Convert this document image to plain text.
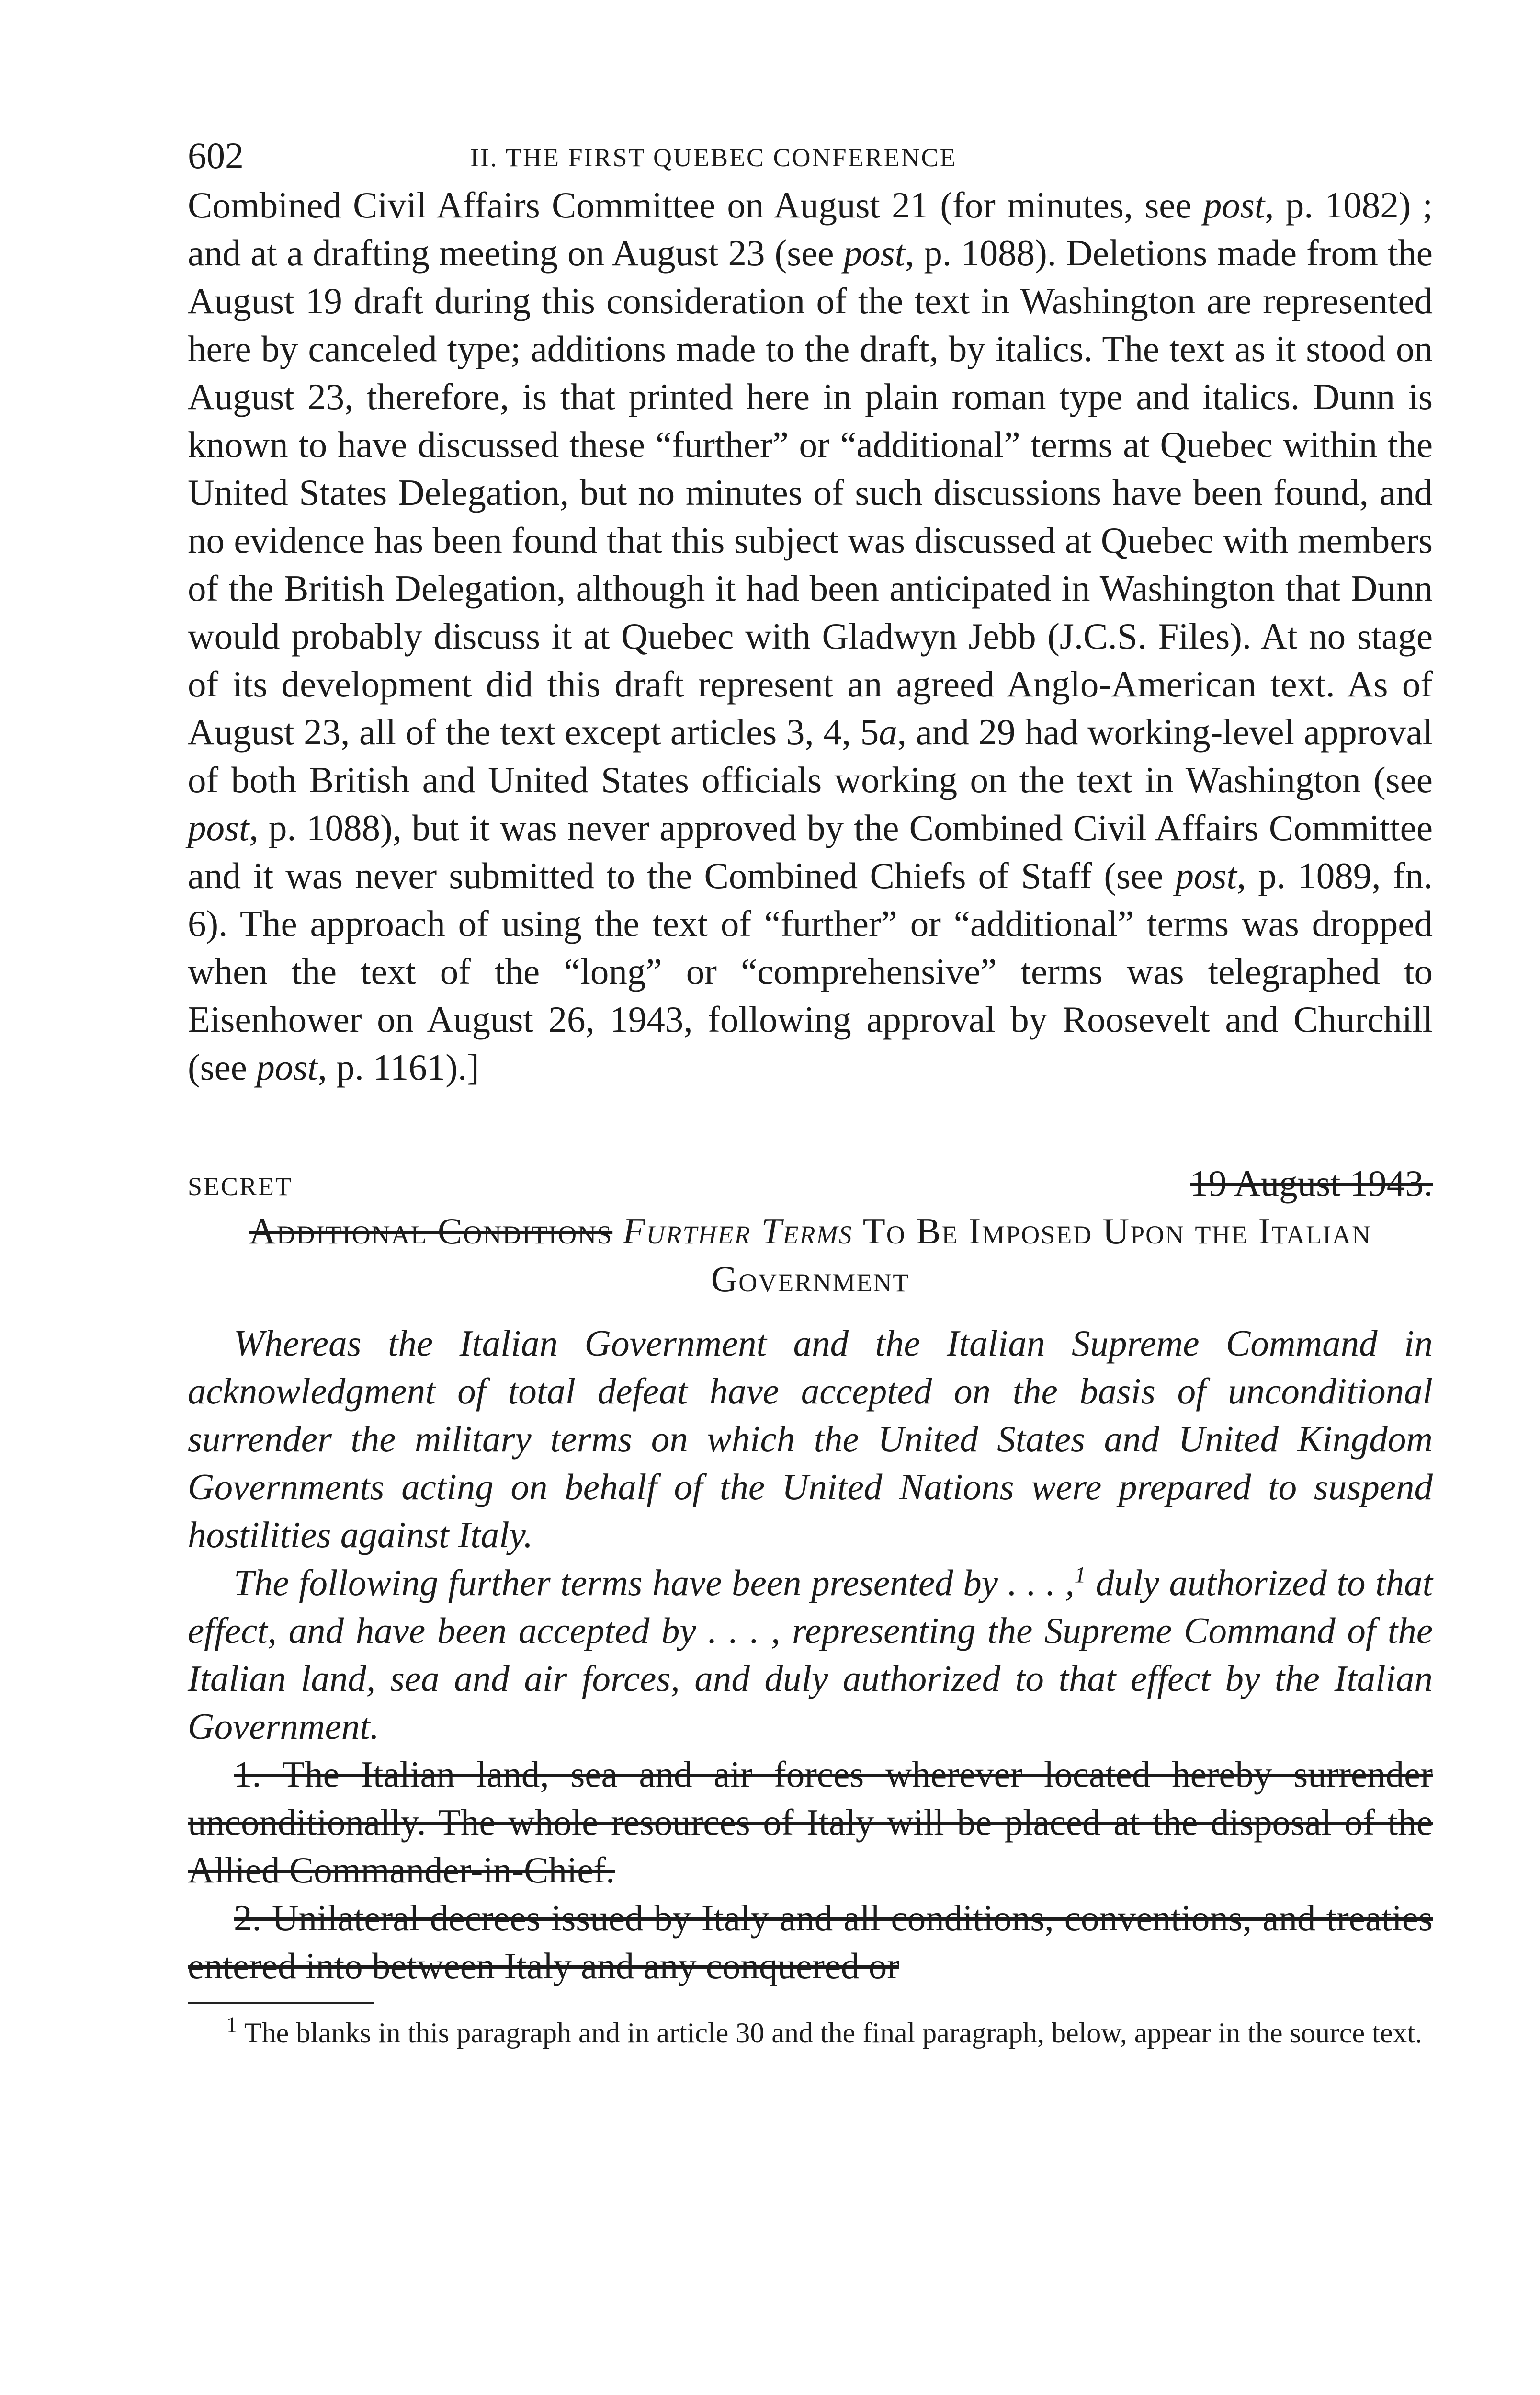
602	II. THE FIRST QUEBEC CONFERENCE

Combined Civil Affairs Committee on August 21 (for minutes, see post, p. 1082) ; and at a drafting meeting on August 23 (see post, p. 1088). Deletions made from the August 19 draft during this consideration of the text in Washington are represented here by canceled type; additions made to the draft, by italics. The text as it stood on August 23, therefore, is that printed here in plain roman type and italics. Dunn is known to have discussed these “further” or “additional” terms at Quebec within the United States Delegation, but no minutes of such discussions have been found, and no evidence has been found that this subject was discussed at Quebec with members of the British Delegation, although it had been anticipated in Washington that Dunn would probably discuss it at Quebec with Gladwyn Jebb (J.C.S. Files). At no stage of its development did this draft represent an agreed Anglo-American text. As of August 23, all of the text except articles 3, 4, 5a, and 29 had working-level approval of both British and United States officials working on the text in Washington (see post, p. 1088), but it was never approved by the Combined Civil Affairs Committee and it was never submitted to the Combined Chiefs of Staff (see post, p. 1089, fn. 6). The approach of using the text of “further” or “additional” terms was dropped when the text of the “long” or “comprehensive” terms was telegraphed to Eisenhower on August 26, 1943, following approval by Roosevelt and Churchill (see post, p. 1161).]

SECRET	19 August 1943.
Additional Conditions Further Terms To Be Imposed Upon the Italian Government

Whereas the Italian Government and the Italian Supreme Command in acknowledgment of total defeat have accepted on the basis of unconditional surrender the military terms on which the United States and United Kingdom Governments acting on behalf of the United Nations were prepared to suspend hostilities against Italy.

The following further terms have been presented by . . . ,$^1$ duly authorized to that effect, and have been accepted by . . . , representing the Supreme Command of the Italian land, sea and air forces, and duly authorized to that effect by the Italian Government.

1. The Italian land, sea and air forces wherever located hereby surrender unconditionally. The whole resources of Italy will be placed at the disposal of the Allied Commander-in-Chief.

2. Unilateral decrees issued by Italy and all conditions, conventions, and treaties entered into between Italy and any conquered or

$^1$ The blanks in this paragraph and in article 30 and the final paragraph, below, appear in the source text.
